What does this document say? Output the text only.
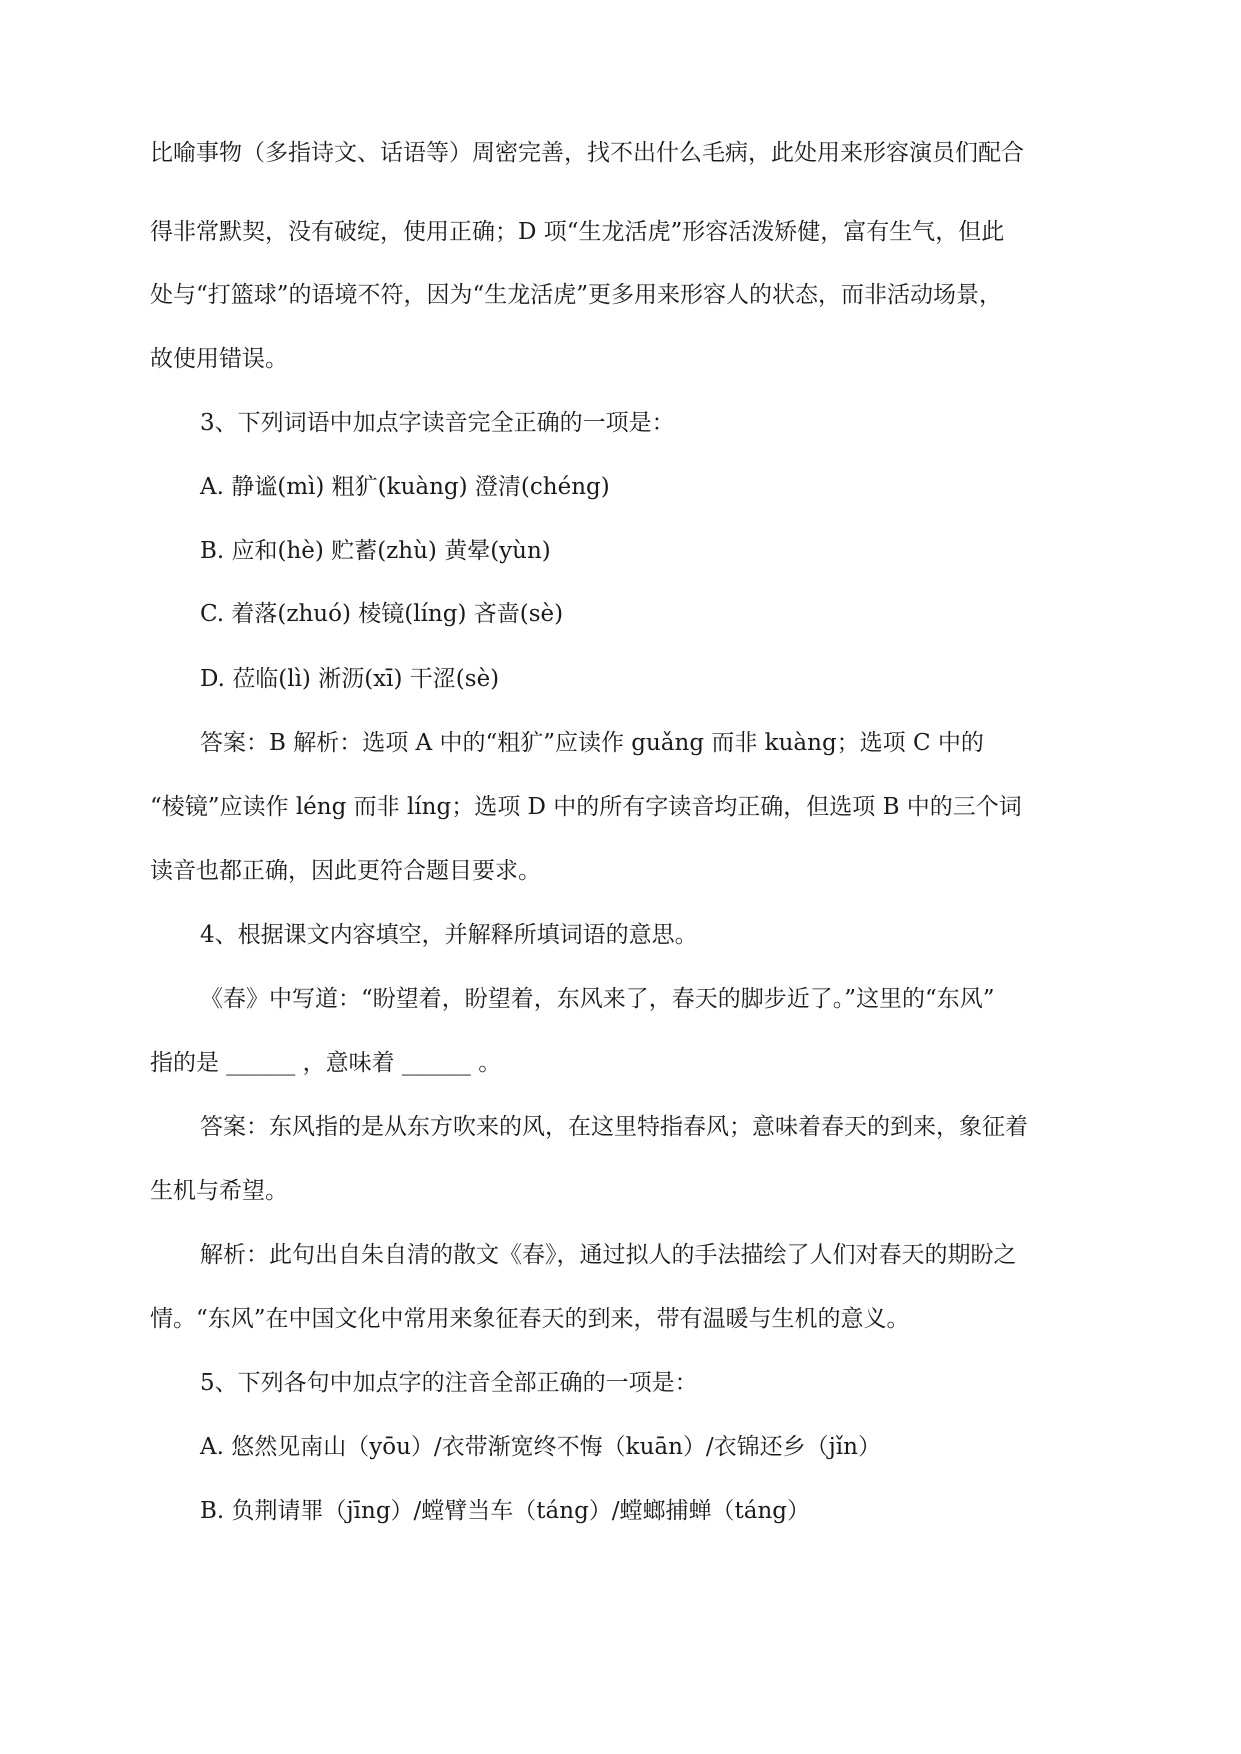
比喻事物（多指诗文、话语等）周密完善，找不出什么毛病，此处用来形容演员们配合
得非常默契，没有破绽，使用正确；D 项“生龙活虎”形容活泼矫健，富有生气，但此
处与“打篮球”的语境不符，因为“生龙活虎”更多用来形容人的状态，而非活动场景，
故使用错误。
3、下列词语中加点字读音完全正确的一项是：
A. 静谧(mì) 粗犷(kuàng) 澄清(chéng)
B. 应和(hè) 贮蓄(zhù) 黄晕(yùn)
C. 着落(zhuó) 棱镜(líng) 吝啬(sè)
D. 莅临(lì) 淅沥(xī) 干涩(sè)
答案：B 解析：选项 A 中的“粗犷”应读作 guǎng 而非 kuàng；选项 C 中的
“棱镜”应读作 léng 而非 líng；选项 D 中的所有字读音均正确，但选项 B 中的三个词
读音也都正确，因此更符合题目要求。
4、根据课文内容填空，并解释所填词语的意思。
《春》中写道：“盼望着，盼望着，东风来了，春天的脚步近了。”这里的“东风”
指的是 ______ ，意味着 ______ 。
答案：东风指的是从东方吹来的风，在这里特指春风；意味着春天的到来，象征着
生机与希望。
解析：此句出自朱自清的散文《春》，通过拟人的手法描绘了人们对春天的期盼之
情。“东风”在中国文化中常用来象征春天的到来，带有温暖与生机的意义。
5、下列各句中加点字的注音全部正确的一项是：
A. 悠然见南山（yōu）/衣带渐宽终不悔（kuān）/衣锦还乡（jǐn）
B. 负荆请罪（jīng）/螳臂当车（táng）/螳螂捕蝉（táng）
